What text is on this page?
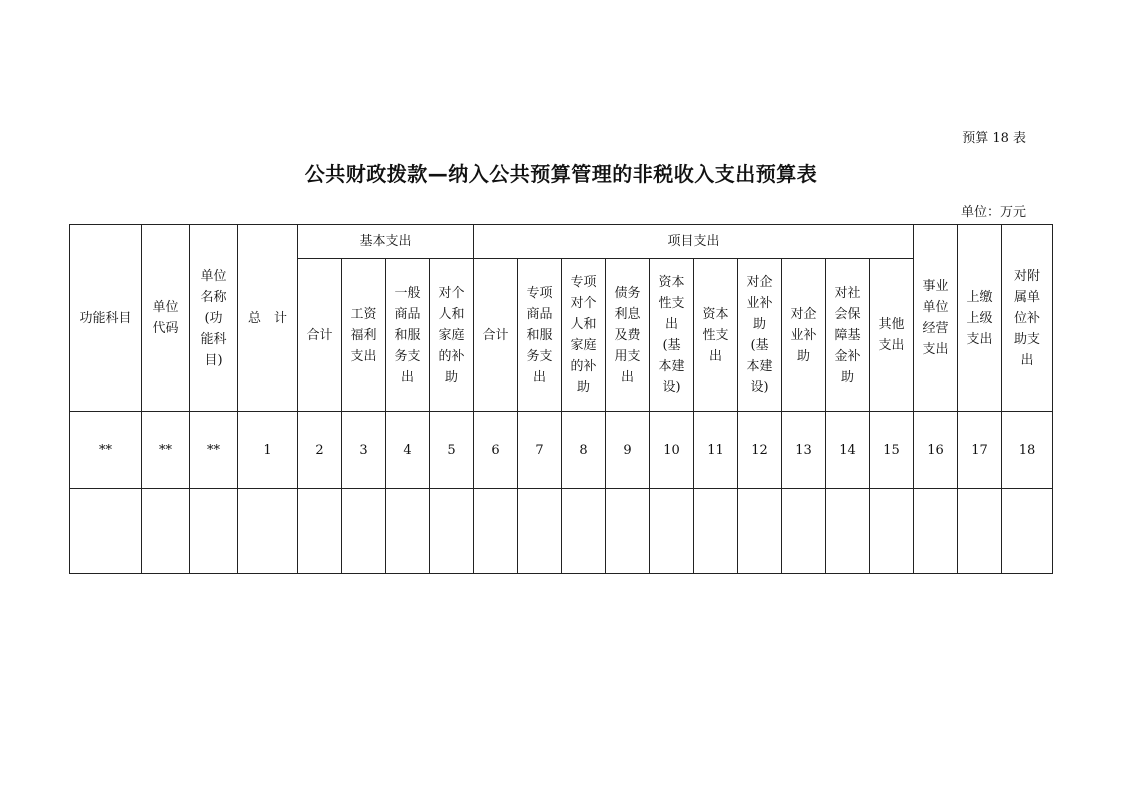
预算 18 表
公共财政拨款—纳入公共预算管理的非税收入支出预算表
单位：万元
功能科目	单位代码	单位名称(功能科目)	总　计	基本支出				项目支出										事业单位经营支出	上缴上级支出	对附属单位补助支出

				合计	工资福利支出	一般商品和服务支出	对个人和家庭的补助	合计	专项商品和服务支出	专项对个人和家庭的补助	债务利息及费用支出	资本性支出(基本建设)	资本性支出	对企业补助(基本建设)	对企业补助	对社会保障基金补助	其他支出			

**	**	**	1	2	3	4	5	6	7	8	9	10	11	12	13	14	15	16	17	18
